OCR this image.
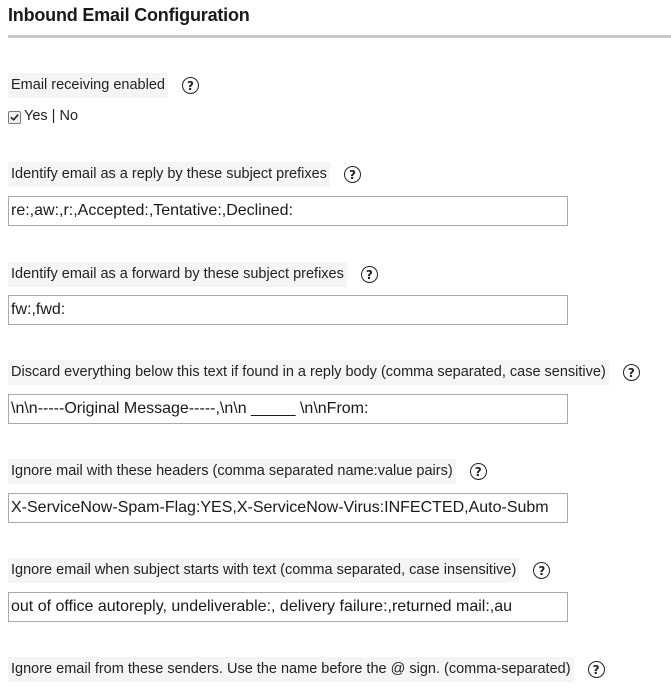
Inbound Email Configuration
Email receiving enabled	?
Yes | No
Identify email as a reply by these subject prefixes	?
re:,aw:,r:,Accepted:,Tentative:,Declined:
Identify email as a forward by these subject prefixes	?
fw:,fwd:
Discard everything below this text if found in a reply body (comma separated, case sensitive)	?
\n\n-----Original Message-----,\n\n _____ \n\nFrom:
Ignore mail with these headers (comma separated name:value pairs)	?
X-ServiceNow-Spam-Flag:YES,X-ServiceNow-Virus:INFECTED,Auto-Subm
Ignore email when subject starts with text (comma separated, case insensitive)	?
out of office autoreply, undeliverable:, delivery failure:,returned mail:,au
Ignore email from these senders. Use the name before the @ sign. (comma-separated)	?
